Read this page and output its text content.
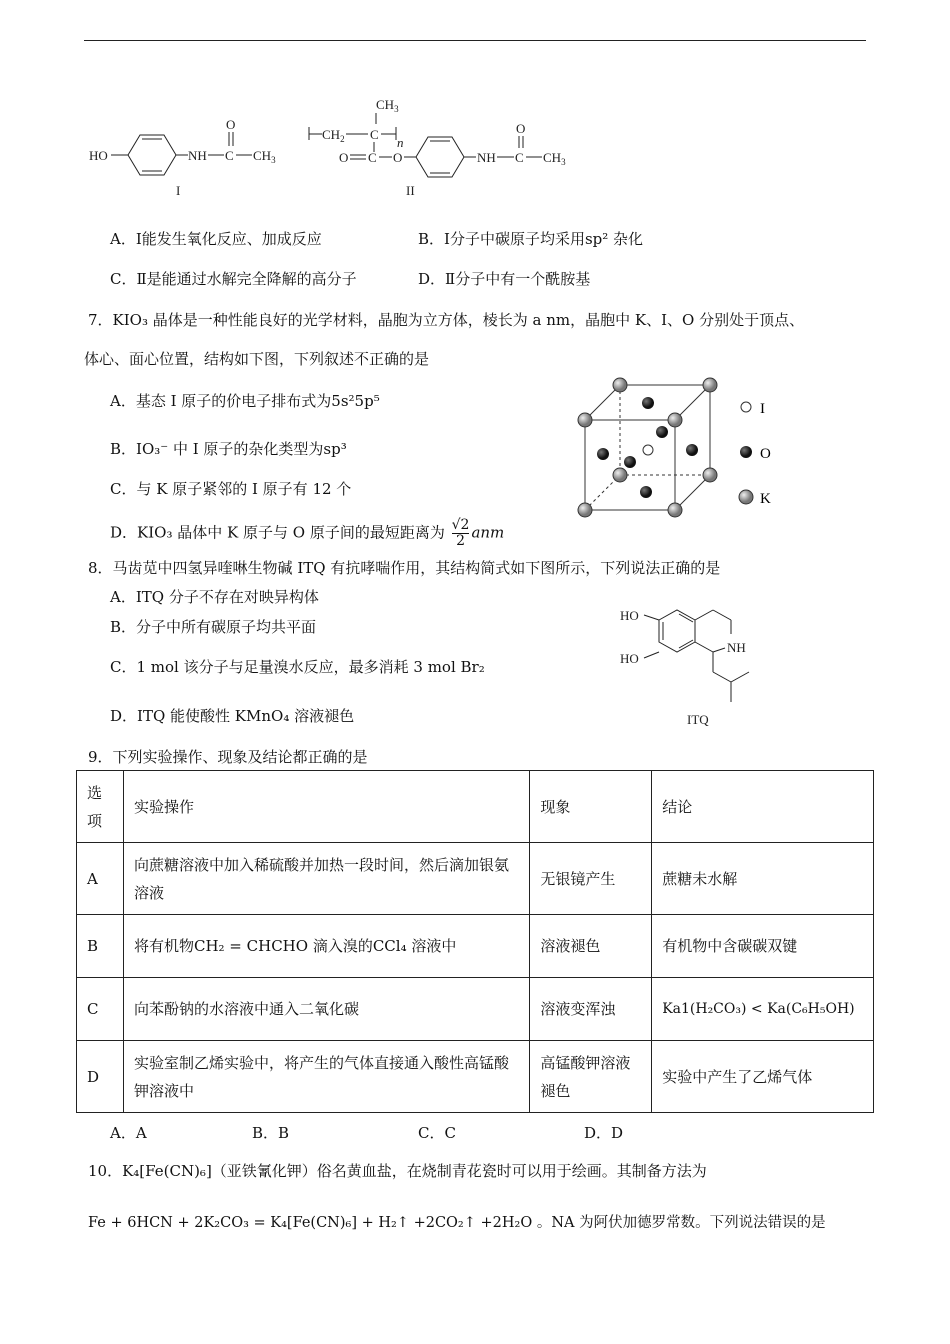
HO	NH C
O
$CH_3$
I
$CH_3$
$CH_2$ C
n
O C O	NH C
O
$CH_3$
II
A．Ⅰ能发生氧化反应、加成反应	B．Ⅰ分子中碳原子均采用sp² 杂化
C．Ⅱ是能通过水解完全降解的高分子	D．Ⅱ分子中有一个酰胺基
7．KIO₃ 晶体是一种性能良好的光学材料，晶胞为立方体，棱长为 a nm，晶胞中 K、I、O 分别处于顶点、
体心、面心位置，结构如下图，下列叙述不正确的是
A．基态 I 原子的价电子排布式为5s²5p⁵
B．IO₃⁻ 中 I 原子的杂化类型为sp³
C．与 K 原子紧邻的 I 原子有 12 个
D．KIO₃ 晶体中 K 原子与 O 原子间的最短距离为 $\frac{√2}{2}$ anm
I
O
K
8．马齿苋中四氢异喹啉生物碱 ITQ 有抗哮喘作用，其结构简式如下图所示，下列说法正确的是
A．ITQ 分子不存在对映异构体
B．分子中所有碳原子均共平面
C．1 mol 该分子与足量溴水反应，最多消耗 3 mol Br₂
D．ITQ 能使酸性 KMnO₄ 溶液褪色
HO
HO
NH
ITQ
9．下列实验操作、现象及结论都正确的是
选项	实验操作	现象	结论
A	向蔗糖溶液中加入稀硫酸并加热一段时间，然后滴加银氨溶液	无银镜产生	蔗糖未水解
B	将有机物CH₂ = CHCHO 滴入溴的CCl₄ 溶液中	溶液褪色	有机物中含碳碳双键
C	向苯酚钠的水溶液中通入二氧化碳	溶液变浑浊	Ka1(H₂CO₃) < Ka(C₆H₅OH)
D	实验室制乙烯实验中，将产生的气体直接通入酸性高锰酸钾溶液中	高锰酸钾溶液褪色	实验中产生了乙烯气体
A．A	B．B	C．C	D．D
10．K₄[Fe(CN)₆]（亚铁氰化钾）俗名黄血盐，在烧制青花瓷时可以用于绘画。其制备方法为
Fe + 6HCN + 2K₂CO₃ = K₄[Fe(CN)₆] + H₂↑ +2CO₂↑ +2H₂O 。NA 为阿伏加德罗常数。下列说法错误的是
